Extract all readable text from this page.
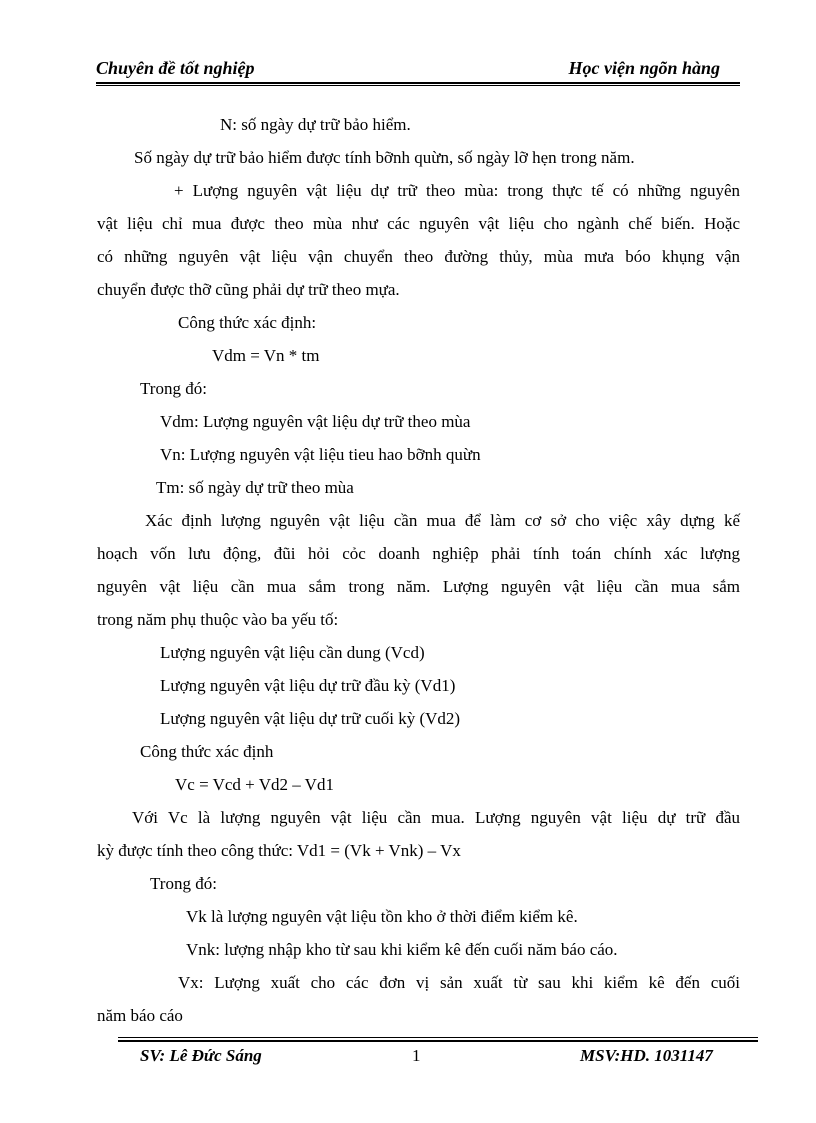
Chuyên đề tốt nghiệp	Học viện ngõn hàng
N: số ngày dự trữ bảo hiểm.
Số ngày dự trữ bảo hiểm được tính bỡnh quừn, số ngày lỡ hẹn trong năm.
+ Lượng nguyên vật liệu dự trữ theo mùa: trong thực tế có những nguyên
vật liệu chỉ mua được theo mùa như các nguyên vật liệu cho ngành chế biến. Hoặc
có những nguyên vật liệu vận chuyển theo đường thủy, mùa mưa bóo khụng vận
chuyển được thỡ cũng phải dự trữ theo mựa.
Công thức xác định:
Vdm = Vn * tm
Trong đó:
Vdm: Lượng nguyên vật liệu dự trữ theo mùa
Vn: Lượng nguyên vật liệu tieu hao bỡnh quừn
Tm: số ngày dự trữ theo mùa
Xác định lượng nguyên vật liệu cần mua để làm cơ sở cho việc xây dựng kế
hoạch vốn lưu động, đũi hỏi cỏc doanh nghiệp phải tính toán chính xác lượng
nguyên vật liệu cần mua sắm trong năm. Lượng nguyên vật liệu cần mua sắm
trong năm phụ thuộc vào ba yếu tố:
Lượng nguyên vật liệu cần dung (Vcd)
Lượng nguyên vật liệu dự trữ đầu kỳ (Vd1)
Lượng nguyên vật liệu dự trữ cuối kỳ (Vd2)
Công thức xác định
Vc = Vcd + Vd2 – Vd1
Với Vc là lượng nguyên vật liệu cần mua. Lượng nguyên vật liệu dự trữ đầu
kỳ được tính theo công thức: Vd1 = (Vk + Vnk) – Vx
Trong đó:
Vk là lượng nguyên vật liệu tồn kho ở thời điểm kiểm kê.
Vnk: lượng nhập kho từ sau khi kiểm kê đến cuối năm báo cáo.
Vx: Lượng xuất cho các đơn vị sản xuất từ sau khi kiểm kê đến cuối
năm báo cáo
SV: Lê Đức Sáng	1	MSV:HD. 1031147
